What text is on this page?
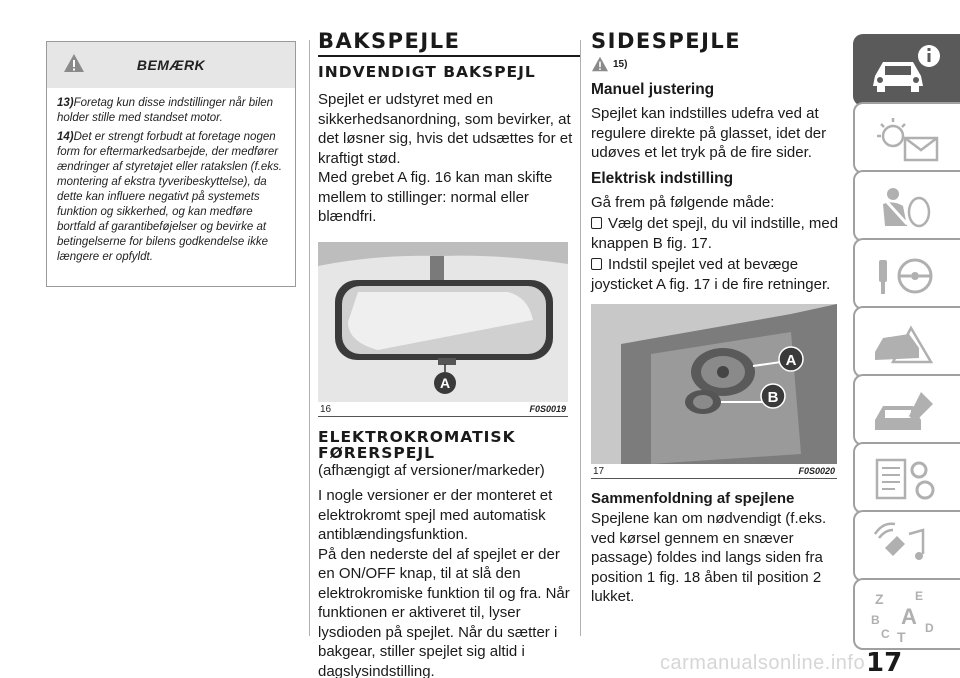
BEMÆRK

13)Foretag kun disse indstillinger når bilen holder stille med standset motor.

14)Det er strengt forbudt at foretage nogen form for eftermarkedsarbejde, der medfører ændringer af styretøjet eller ratakslen (f.eks. montering af ekstra tyveribeskyttelse), da dette kan influere negativt på systemets funktion og sikkerhed, og kan medføre bortfald af garantibeføjelser og bevirke at betingelserne for bilens godkendelse ikke længere er opfyldt.

BAKSPEJLE
INDVENDIGT BAKSPEJL
Spejlet er udstyret med en sikkerhedsanordning, som bevirker, at det løsner sig, hvis det udsættes for et kraftigt stød.
Med grebet A fig. 16 kan man skifte mellem to stillinger: normal eller blændfri.
A
16	F0S0019
ELEKTROKROMATISK
FØRERSPEJL
(afhængigt af versioner/markeder)
I nogle versioner er der monteret et elektrokromt spejl med automatisk antiblændingsfunktion.
På den nederste del af spejlet er der en ON/OFF knap, til at slå den elektrokromiske funktion til og fra. Når funktionen er aktiveret til, lyser lysdioden på spejlet. Når du sætter i bakgear, stiller spejlet sig altid i dagslysindstilling.
SIDESPEJLE
15)
Manuel justering
Spejlet kan indstilles udefra ved at regulere direkte på glasset, idet der udøves et let tryk på de fire sider.
Elektrisk indstilling
Gå frem på følgende måde:
Vælg det spejl, du vil indstille, med knappen B fig. 17.
Indstil spejlet ved at bevæge joysticket A fig. 17 i de fire retninger.
A
B
17	F0S0020
Sammenfoldning af spejlene
Spejlene kan om nødvendigt (f.eks. ved kørsel gennem en snæver passage) foldes ind langs siden fra position 1 fig. 18 åben til position 2 lukket.	Z	E
B A
C	D
T
carmanualsonline.info 17
